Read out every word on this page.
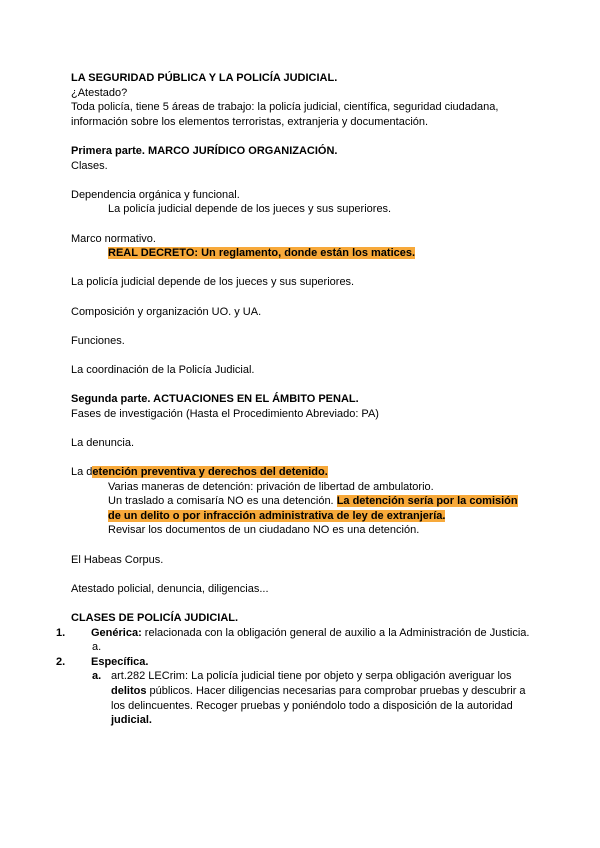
LA SEGURIDAD PÚBLICA Y LA POLICÍA JUDICIAL.

¿Atestado?

Toda policía, tiene 5 áreas de trabajo: la policía judicial, científica, seguridad ciudadana, información sobre los elementos terroristas, extranjeria y documentación.

Primera parte. MARCO JURÍDICO ORGANIZACIÓN.

Clases.

Dependencia orgánica y funcional.

La policía judicial depende de los jueces y sus superiores.

Marco normativo.

REAL DECRETO: Un reglamento, donde están los matices.

La policía judicial depende de los jueces y sus superiores.

Composición y organización UO. y UA.

Funciones.

La coordinación de la Policía Judicial.

Segunda parte. ACTUACIONES EN EL ÁMBITO PENAL.

Fases de investigación (Hasta el Procedimiento Abreviado: PA)

La denuncia.

La detención preventiva y derechos del detenido.

Varias maneras de detención: privación de libertad de ambulatorio.

Un traslado a comisaría NO es una detención. La detención sería por la comisión de un delito o por infracción administrativa de ley de extranjería.

Revisar los documentos de un ciudadano NO es una detención.

El Habeas Corpus.

Atestado policial, denuncia, diligencias...

CLASES DE POLICÍA JUDICIAL.

1. Genérica: relacionada con la obligación general de auxilio a la Administración de Justicia.
a.

2. Específica.
a. art.282 LECrim: La policía judicial tiene por objeto y serpa obligación averiguar los delitos públicos. Hacer diligencias necesarias para comprobar pruebas y descubrir a los delincuentes. Recoger pruebas y poniéndolo todo a disposición de la autoridad judicial.
